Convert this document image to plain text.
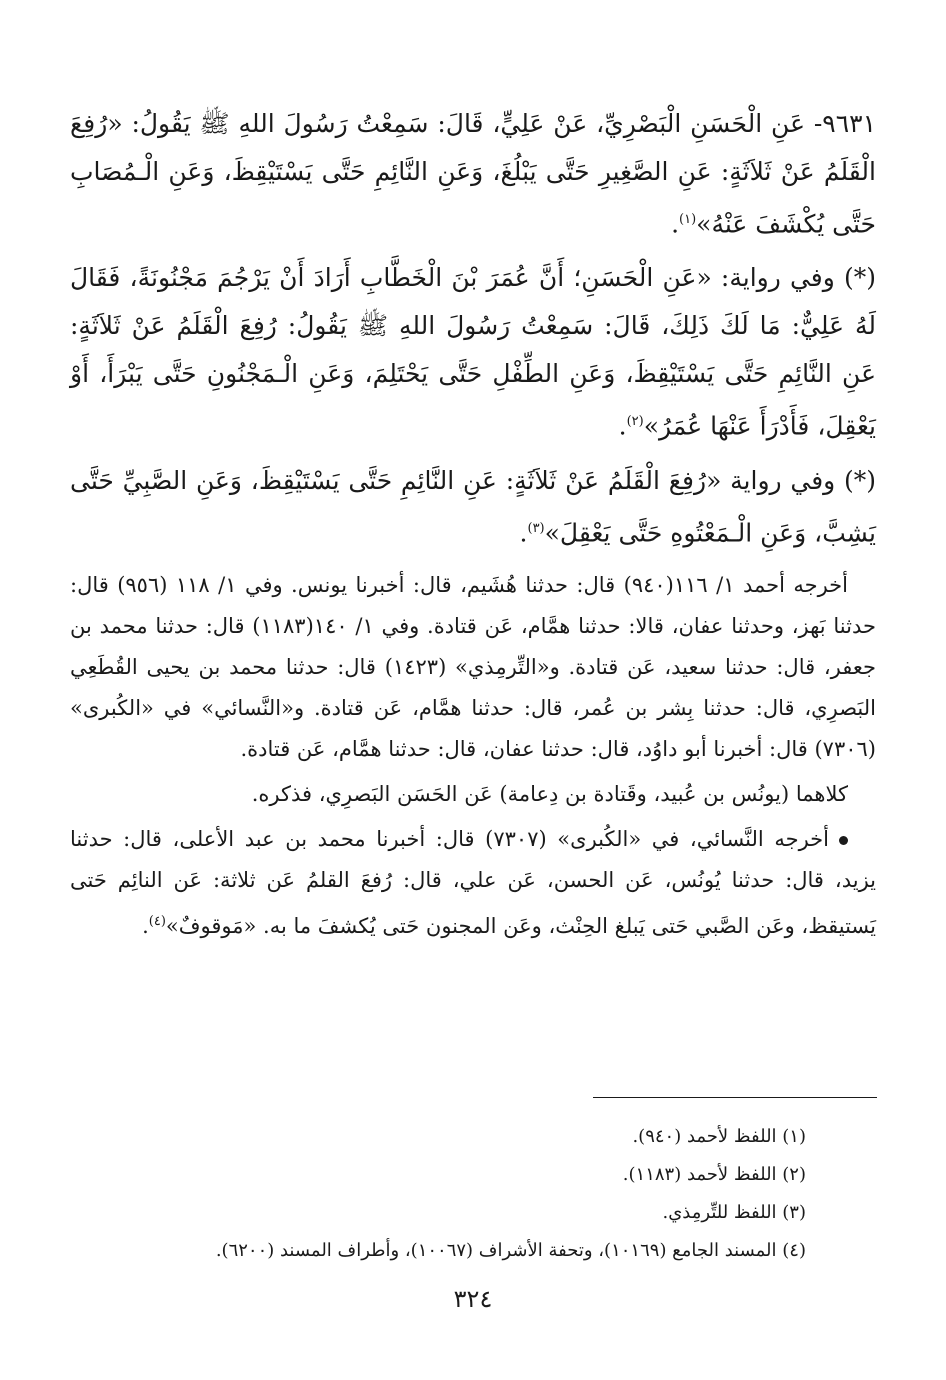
٩٦٣١- عَنِ الْحَسَنِ الْبَصْرِيِّ، عَنْ عَلِيٍّ، قَالَ: سَمِعْتُ رَسُولَ اللهِ ﷺ يَقُولُ: «رُفِعَ الْقَلَمُ عَنْ ثَلاَثَةٍ: عَنِ الصَّغِيرِ حَتَّى يَبْلُغَ، وَعَنِ النَّائِمِ حَتَّى يَسْتَيْقِظَ، وَعَنِ الْـمُصَابِ حَتَّى يُكْشَفَ عَنْهُ»$^{(١)}$.

(*) وفي رواية: «عَنِ الْحَسَنِ؛ أَنَّ عُمَرَ بْنَ الْخَطَّابِ أَرَادَ أَنْ يَرْجُمَ مَجْنُونَةً، فَقَالَ لَهُ عَلِيٌّ: مَا لَكَ ذَلِكَ، قَالَ: سَمِعْتُ رَسُولَ اللهِ ﷺ يَقُولُ: رُفِعَ الْقَلَمُ عَنْ ثَلاَثَةٍ: عَنِ النَّائِمِ حَتَّى يَسْتَيْقِظَ، وَعَنِ الطِّفْلِ حَتَّى يَحْتَلِمَ، وَعَنِ الْـمَجْنُونِ حَتَّى يَبْرَأَ، أَوْ يَعْقِلَ، فَأَدْرَأَ عَنْهَا عُمَرُ»$^{(٢)}$.

(*) وفي رواية «رُفِعَ الْقَلَمُ عَنْ ثَلاَثَةٍ: عَنِ النَّائِمِ حَتَّى يَسْتَيْقِظَ، وَعَنِ الصَّبِيِّ حَتَّى يَشِبَّ، وَعَنِ الْـمَعْتُوهِ حَتَّى يَعْقِلَ»$^{(٣)}$.

أخرجه أحمد ١/ ١١٦(٩٤٠) قال: حدثنا هُشَيم، قال: أخبرنا يونس. وفي ١/ ١١٨ (٩٥٦) قال: حدثنا بَهز، وحدثنا عفان، قالا: حدثنا همَّام، عَن قتادة. وفي ١/ ١٤٠(١١٨٣) قال: حدثنا محمد بن جعفر، قال: حدثنا سعيد، عَن قتادة. و«التِّرمِذي» (١٤٢٣) قال: حدثنا محمد بن يحيى القُطَعِي البَصرِي، قال: حدثنا بِشر بن عُمر، قال: حدثنا همَّام، عَن قتادة. و«النَّسائي» في «الكُبرى» (٧٣٠٦) قال: أخبرنا أبو داوُد، قال: حدثنا عفان، قال: حدثنا همَّام، عَن قتادة.

كلاهما (يونُس بن عُبيد، وقَتادة بن دِعامة) عَن الحَسَن البَصرِي، فذكره.

أخرجه النَّسائي، في «الكُبرى» (٧٣٠٧) قال: أخبرنا محمد بن عبد الأعلى، قال: حدثنا يزيد، قال: حدثنا يُونُس، عَن الحسن، عَن علي، قال: رُفعَ القلمُ عَن ثلاثة: عَن النائِم حَتى يَستيقظ، وعَن الصَّبي حَتى يَبلغ الحِنْث، وعَن المجنون حَتى يُكشفَ ما به. «مَوقوفٌ»$^{(٤)}$.

(١) اللفظ لأحمد (٩٤٠).

(٢) اللفظ لأحمد (١١٨٣).

(٣) اللفظ للتِّرمِذي.

(٤) المسند الجامع (١٠١٦٩)، وتحفة الأشراف (١٠٠٦٧)، وأطراف المسند (٦٢٠٠).

٣٢٤
